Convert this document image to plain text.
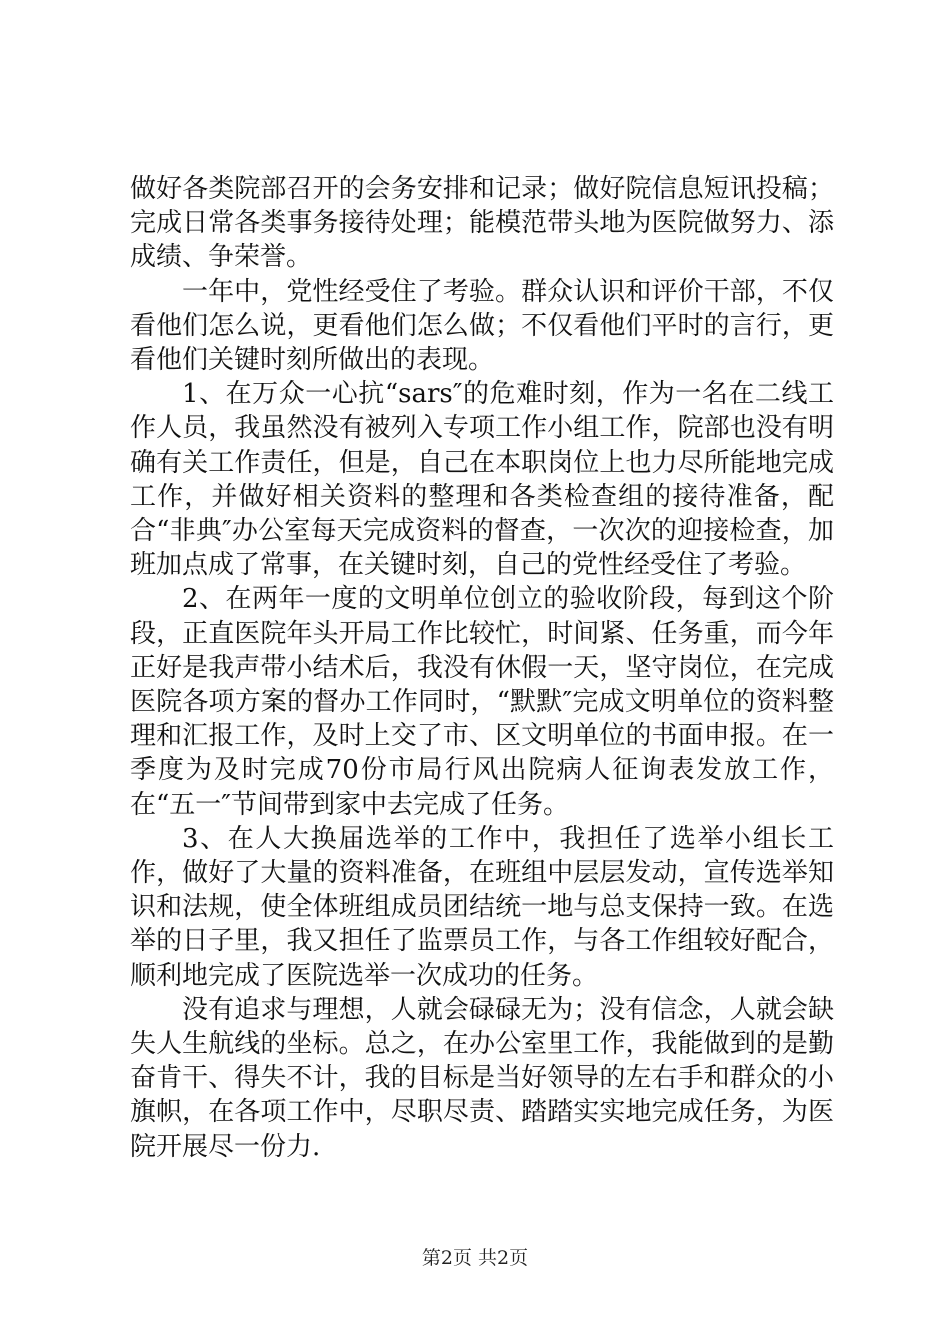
做好各类院部召开的会务安排和记录；做好院信息短讯投稿；完成日常各类事务接待处理；能模范带头地为医院做努力、添成绩、争荣誉。

一年中，党性经受住了考验。群众认识和评价干部，不仅看他们怎么说，更看他们怎么做；不仅看他们平时的言行，更看他们关键时刻所做出的表现。

1、在万众一心抗“sars″的危难时刻，作为一名在二线工作人员，我虽然没有被列入专项工作小组工作，院部也没有明确有关工作责任，但是，自己在本职岗位上也力尽所能地完成工作，并做好相关资料的整理和各类检查组的接待准备，配合“非典″办公室每天完成资料的督查，一次次的迎接检查，加班加点成了常事，在关键时刻，自己的党性经受住了考验。

2、在两年一度的文明单位创立的验收阶段，每到这个阶段，正直医院年头开局工作比较忙，时间紧、任务重，而今年正好是我声带小结术后，我没有休假一天，坚守岗位，在完成医院各项方案的督办工作同时，“默默″完成文明单位的资料整理和汇报工作，及时上交了市、区文明单位的书面申报。在一季度为及时完成70份市局行风出院病人征询表发放工作，在“五一″节间带到家中去完成了任务。

3、在人大换届选举的工作中，我担任了选举小组长工作，做好了大量的资料准备，在班组中层层发动，宣传选举知识和法规，使全体班组成员团结统一地与总支保持一致。在选举的日子里，我又担任了监票员工作，与各工作组较好配合，顺利地完成了医院选举一次成功的任务。

没有追求与理想，人就会碌碌无为；没有信念，人就会缺失人生航线的坐标。总之，在办公室里工作，我能做到的是勤奋肯干、得失不计，我的目标是当好领导的左右手和群众的小旗帜，在各项工作中，尽职尽责、踏踏实实地完成任务，为医院开展尽一份力.

第2页 共2页
